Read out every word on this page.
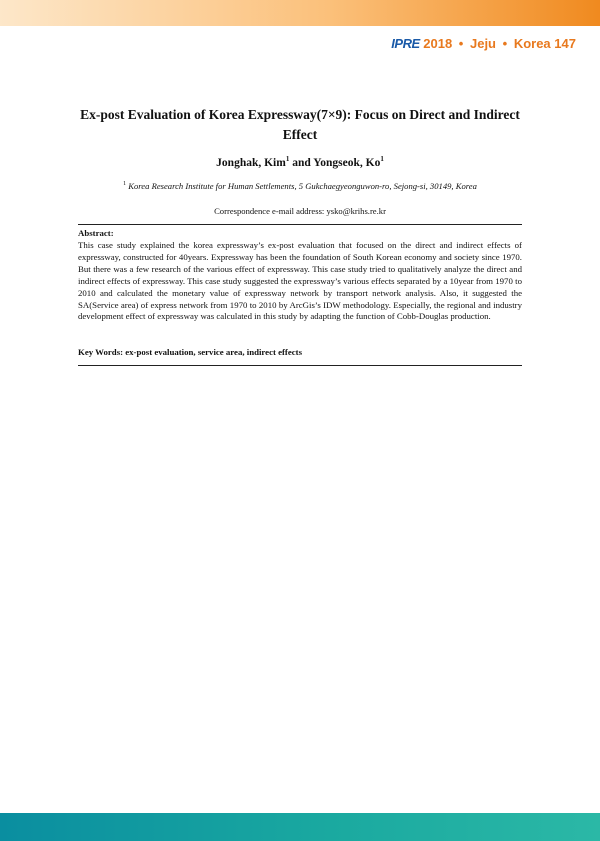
IPRE 2018 • Jeju • Korea 147
Ex-post Evaluation of Korea Expressway(7×9): Focus on Direct and Indirect Effect
Jonghak, Kim$^1$ and Yongseok, Ko$^1$
$^1$ Korea Research Institute for Human Settlements, 5 Gukchaegyeonguwon-ro, Sejong-si, 30149, Korea
Correspondence e-mail address: ysko@krihs.re.kr
Abstract:
This case study explained the korea expressway’s ex-post evaluation that focused on the direct and indirect effects of expressway, constructed for 40years. Expressway has been the foundation of South Korean economy and society since 1970. But there was a few research of the various effect of expressway. This case study tried to qualitatively analyze the direct and indirect effects of expressway. This case study suggested the expressway’s various effects separated by a 10year from 1970 to 2010 and calculated the monetary value of expressway network by transport network analysis. Also, it suggested the SA(Service area) of express network from 1970 to 2010 by ArcGis’s IDW methodology. Especially, the regional and industry development effect of expressway was calculated in this study by adapting the function of Cobb-Douglas production.
Key Words: ex-post evaluation, service area, indirect effects
